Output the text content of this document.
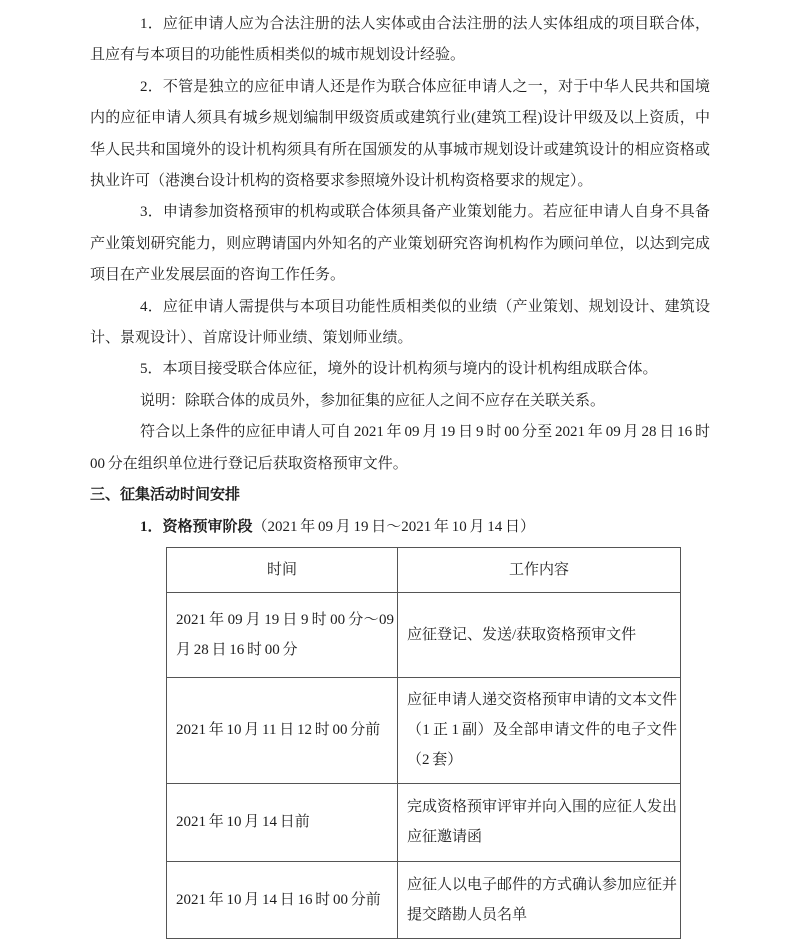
1．应征申请人应为合法注册的法人实体或由合法注册的法人实体组成的项目联合体，且应有与本项目的功能性质相类似的城市规划设计经验。

2．不管是独立的应征申请人还是作为联合体应征申请人之一，对于中华人民共和国境内的应征申请人须具有城乡规划编制甲级资质或建筑行业(建筑工程)设计甲级及以上资质，中华人民共和国境外的设计机构须具有所在国颁发的从事城市规划设计或建筑设计的相应资格或执业许可（港澳台设计机构的资格要求参照境外设计机构资格要求的规定）。

3．申请参加资格预审的机构或联合体须具备产业策划能力。若应征申请人自身不具备产业策划研究能力，则应聘请国内外知名的产业策划研究咨询机构作为顾问单位，以达到完成项目在产业发展层面的咨询工作任务。

4．应征申请人需提供与本项目功能性质相类似的业绩（产业策划、规划设计、建筑设计、景观设计）、首席设计师业绩、策划师业绩。

5．本项目接受联合体应征，境外的设计机构须与境内的设计机构组成联合体。

说明：除联合体的成员外，参加征集的应征人之间不应存在关联关系。

符合以上条件的应征申请人可自 2021 年 09 月 19 日 9 时 00 分至 2021 年 09 月 28 日 16 时 00 分在组织单位进行登记后获取资格预审文件。

三、征集活动时间安排

1．资格预审阶段（2021 年 09 月 19 日～2021 年 10 月 14 日）

时间	工作内容
2021 年 09 月 19 日 9 时 00 分～09 月 28 日 16 时 00 分	应征登记、发送/获取资格预审文件
2021 年 10 月 11 日 12 时 00 分前	应征申请人递交资格预审申请的文本文件（1 正 1 副）及全部申请文件的电子文件（2 套）
2021 年 10 月 14 日前	完成资格预审评审并向入围的应征人发出应征邀请函
2021 年 10 月 14 日 16 时 00 分前	应征人以电子邮件的方式确认参加应征并提交踏勘人员名单
